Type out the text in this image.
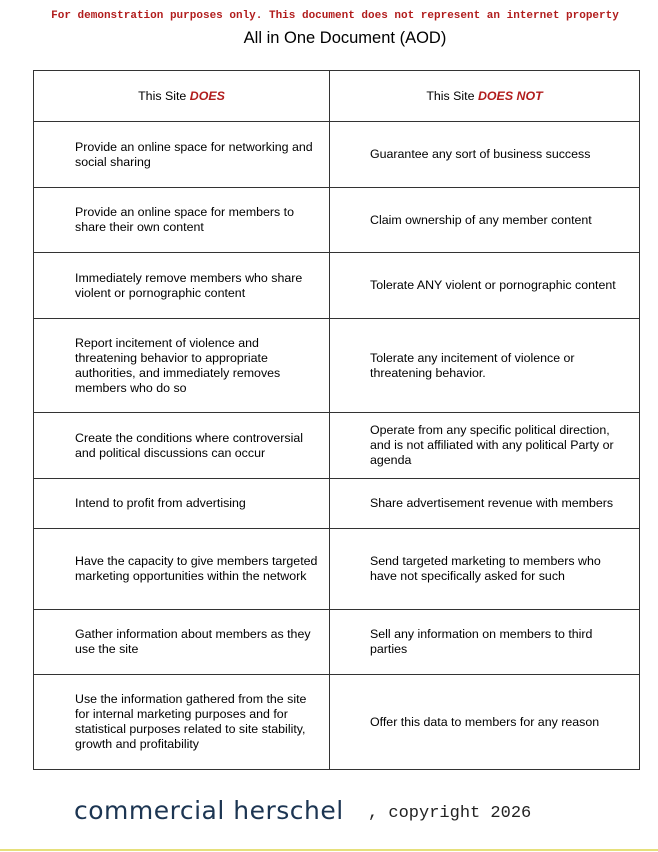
For demonstration purposes only. This document does not represent an internet property
All in One Document (AOD)
This Site DOES	This Site DOES NOT

Provide an online space for networking and social sharing	Guarantee any sort of business success

Provide an online space for members to share their own content	Claim ownership of any member content

Immediately remove members who share violent or pornographic content	Tolerate ANY violent or pornographic content

Report incitement of violence and threatening behavior to appropriate authorities, and immediately removes members who do so	Tolerate any incitement of violence or threatening behavior.

Create the conditions where controversial and political discussions can occur	Operate from any specific political direction, and is not affiliated with any political Party or agenda

Intend to profit from advertising	Share advertisement revenue with members

Have the capacity to give members targeted marketing opportunities within the network	Send targeted marketing to members who have not specifically asked for such

Gather information about members as they use the site	Sell any information on members to third parties

Use the information gathered from the site for internal marketing purposes and for statistical purposes related to site stability, growth and profitability	Offer this data to members for any reason
commercial herschel , copyright 2026
